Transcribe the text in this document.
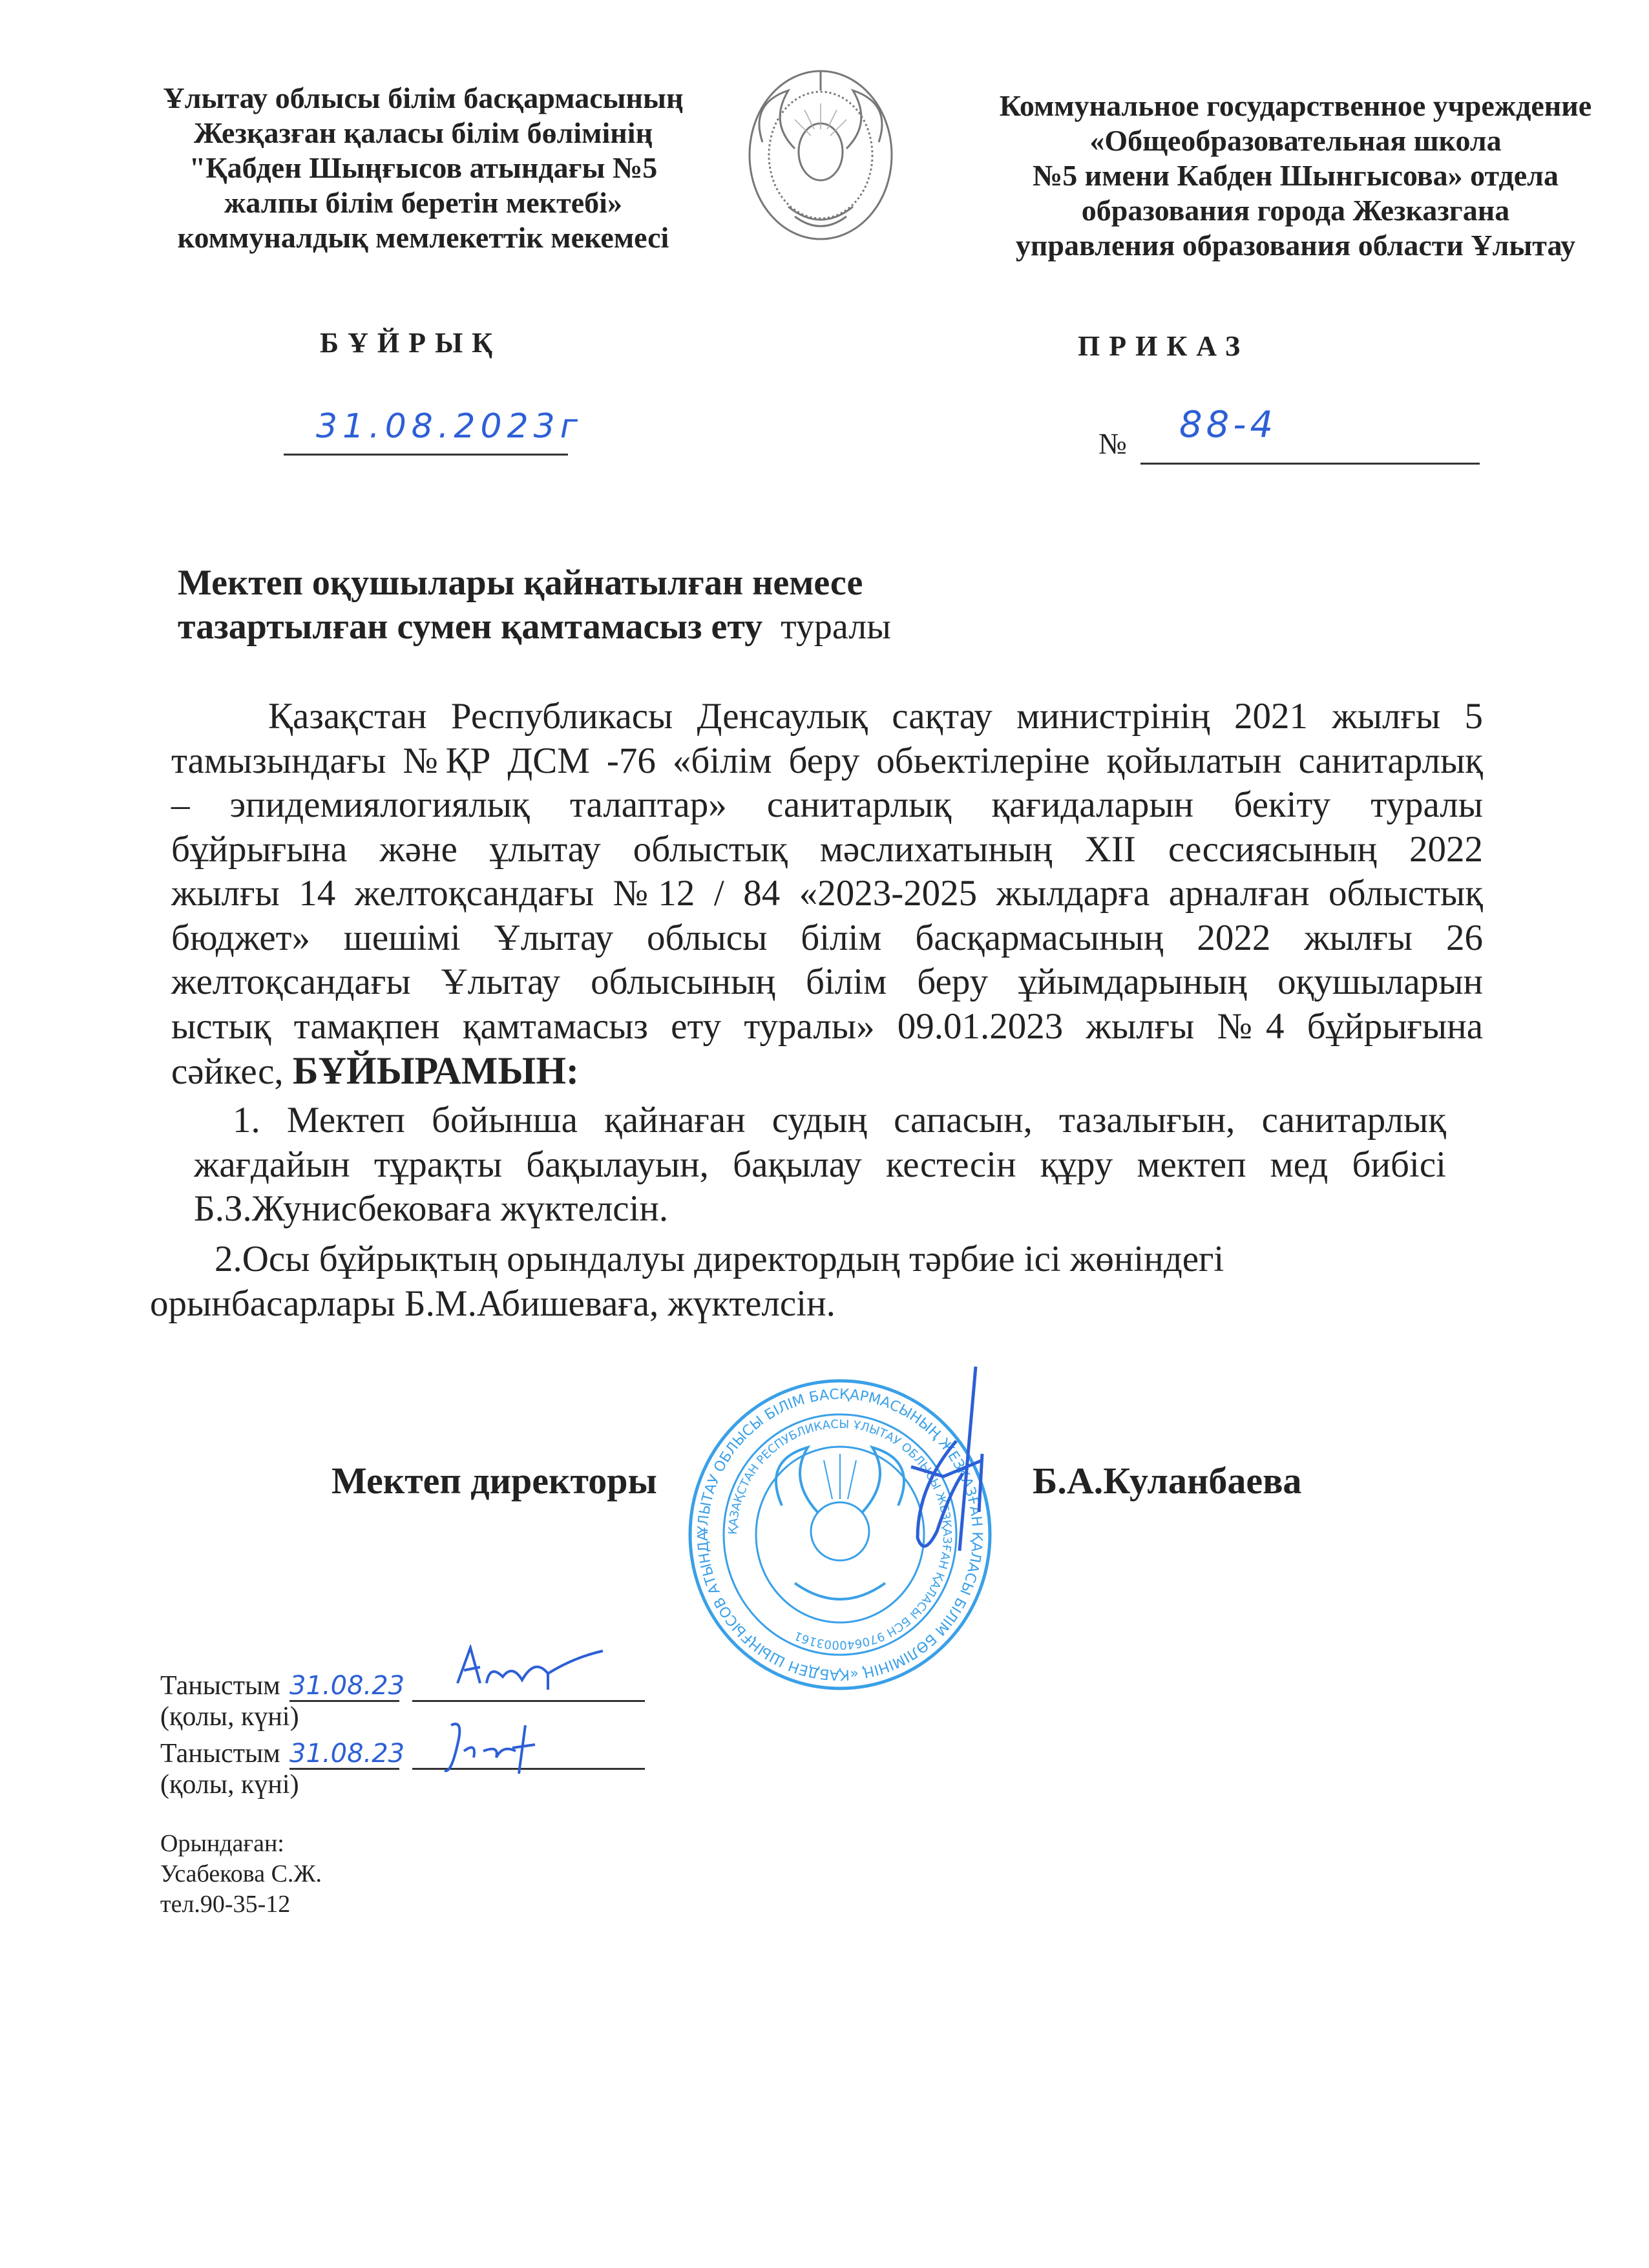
Ұлытау облысы білім басқармасының
Жезқазған қаласы білім бөлімінің
"Қабден Шыңғысов атындағы №5
жалпы білім беретін мектебі»
коммуналдық мемлекеттік мекемесі
Коммунальное государственное учреждение
«Общеобразовательная школа
№5 имени Кабден Шынгысова» отдела
образования города Жезказгана
управления образования области Ұлытау
БҰЙРЫҚ	ПРИКАЗ
31.08.2023г	№ 88-4
Мектеп оқушылары қайнатылған немесе
тазартылған сумен қамтамасыз ету туралы
Қазақстан Республикасы Денсаулық сақтау министрінің 2021 жылғы 5
тамызындағы №ҚР ДСМ -76 «білім беру обьектілеріне қойылатын санитарлық
– эпидемиялогиялық талаптар» санитарлық қағидаларын бекіту туралы
бұйрығына және ұлытау облыстық мәслихатының XII сессиясының 2022
жылғы 14 желтоқсандағы №12 / 84 «2023-2025 жылдарға арналған облыстық
бюджет» шешімі Ұлытау облысы білім басқармасының 2022 жылғы 26
желтоқсандағы Ұлытау облысының білім беру ұйымдарының оқушыларын
ыстық тамақпен қамтамасыз ету туралы» 09.01.2023 жылғы №4 бұйрығына
сәйкес, БҰЙЫРАМЫН:
1. Мектеп бойынша қайнаған судың сапасын, тазалығын, санитарлық
жағдайын тұрақты бақылауын, бақылау кестесін құру мектеп мед бибісі
Б.З.Жунисбековаға жүктелсін.
2.Осы бұйрықтың орындалуы директордың тәрбие ісі жөніндегі
орынбасарлары Б.М.Абишеваға, жүктелсін.
ҰЛЫТАУ ОБЛЫСЫ БІЛІМ БАСҚАРМАСЫНЫҢ ЖЕЗҚАЗҒАН ҚАЛАСЫ БІЛІМ БӨЛІМІНІҢ «ҚАБДЕН ШЫҢҒЫСОВ АТЫНДА
ҚАЗАҚСТАН РЕСПУБЛИКАСЫ ҰЛЫТАУ ОБЛЫСЫ ЖЕЗҚАЗҒАН ҚАЛАСЫ БСН 970640003161
Мектеп директоры	Б.А.Куланбаева
Таныстым 31.08.23
(қолы, күні)
Таныстым 31.08.23
(қолы, күні)
Орындаған:
Усабекова С.Ж.
тел.90-35-12
